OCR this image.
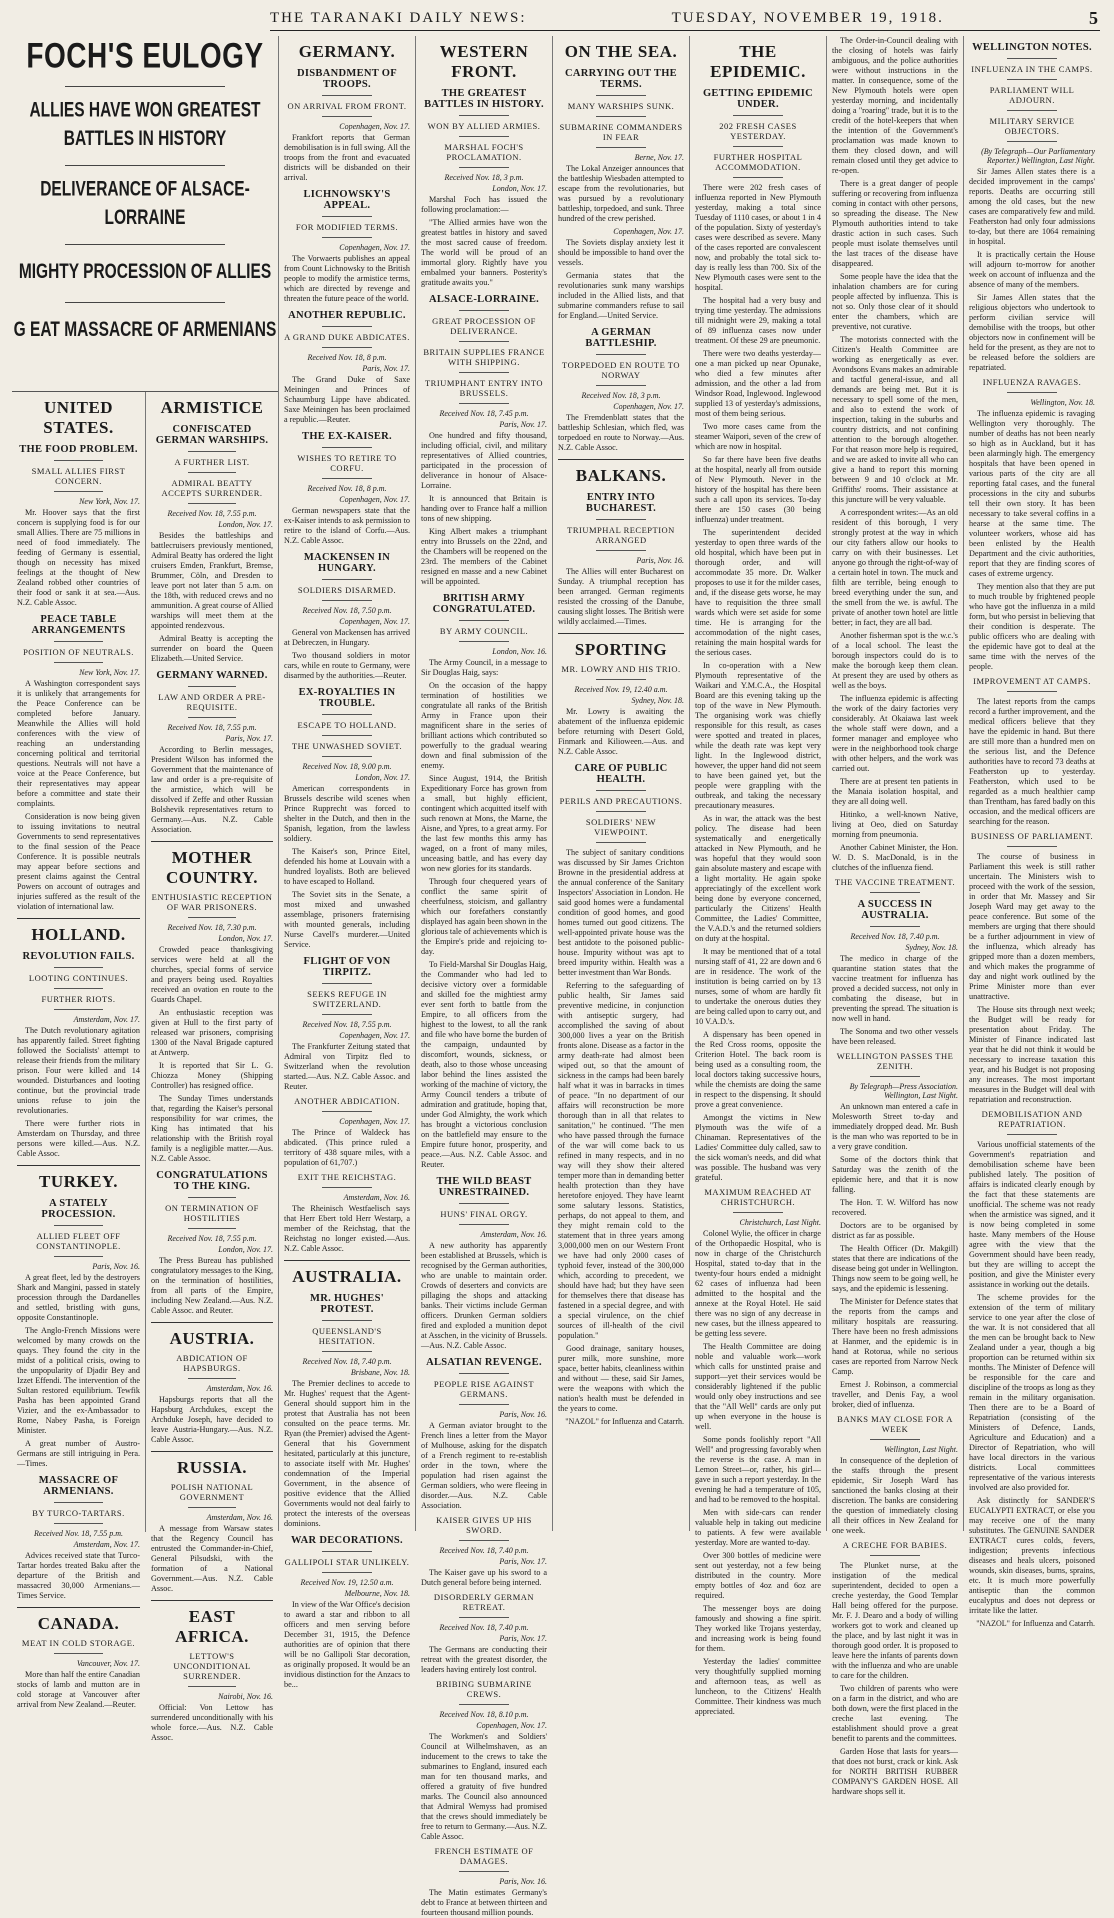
THE TARANAKI DAILY NEWS:	TUESDAY, NOVEMBER 19, 1918.	5
FOCH'S EULOGY
ALLIES HAVE WON GREATEST BATTLES IN HISTORY
DELIVERANCE OF ALSACE-LORRAINE
MIGHTY PROCESSION OF ALLIES
G EAT MASSACRE OF ARMENIANS
UNITED STATES.
THE FOOD PROBLEM.
SMALL ALLIES FIRST CONCERN.
New York, Nov. 17.

Mr. Hoover says that the first concern is supplying food is for our small Allies. There are 75 millions in need of food immediately. The feeding of Germany is essential, though on necessity has mixed feelings at the thought of New Zealand robbed other countries of their food or sank it at sea.—Aus. N.Z. Cable Assoc.

PEACE TABLE ARRANGEMENTS
POSITION OF NEUTRALS.
New York, Nov. 17.

A Washington correspondent says it is unlikely that arrangements for the Peace Conference can be completed before January. Meanwhile the Allies will hold conferences with the view of reaching an understanding concerning political and territorial questions. Neutrals will not have a voice at the Peace Conference, but their representatives may appear before a committee and state their complaints.

Consideration is now being given to issuing invitations to neutral Governments to send representatives to the final session of the Peace Conference. It is possible neutrals may appear before sections and present claims against the Central Powers on account of outrages and injuries suffered as the result of the violation of international law.

HOLLAND.
REVOLUTION FAILS.
LOOTING CONTINUES.
FURTHER RIOTS.
Amsterdam, Nov. 17.

The Dutch revolutionary agitation has apparently failed. Street fighting followed the Socialists' attempt to release their friends from the military prison. Four were killed and 14 wounded. Disturbances and looting continue, but the provincial trade unions refuse to join the revolutionaries.

There were further riots in Amsterdam on Thursday, and three persons were killed.—Aus. N.Z. Cable Assoc.

TURKEY.
A STATELY PROCESSION.
ALLIED FLEET OFF CONSTANTINOPLE.
Paris, Nov. 16.

A great fleet, led by the destroyers Shark and Mangini, passed in stately procession through the Dardanelles and settled, bristling with guns, opposite Constantinople.

The Anglo-French Missions were welcomed by many crowds on the quays. They found the city in the midst of a political crisis, owing to the unpopularity of Djadir Bey and Izzet Effendi. The intervention of the Sultan restored equilibrium. Tewfik Pasha has been appointed Grand Vizier, and the ex-Ambassador to Rome, Nabey Pasha, is Foreign Minister.

A great number of Austro-Germans are still intriguing in Pera.—Times.

MASSACRE OF ARMENIANS.
BY TURCO-TARTARS.
Received Nov. 18, 7.55 p.m.
Amsterdam, Nov. 17.

Advices received state that Turco-Tartar hordes treated Baku after the departure of the British and massacred 30,000 Armenians.—Times Service.

CANADA.
MEAT IN COLD STORAGE.
Vancouver, Nov. 17.

More than half the entire Canadian stocks of lamb and mutton are in cold storage at Vancouver after arrival from New Zealand.—Reuter.

ARMISTICE
CONFISCATED GERMAN WARSHIPS.
A FURTHER LIST.
ADMIRAL BEATTY ACCEPTS SURRENDER.
Received Nov. 18, 7.55 p.m.
London, Nov. 17.

Besides the battleships and battlecruisers previously mentioned, Admiral Beatty has ordered the light cruisers Emden, Frankfurt, Bremse, Brummer, Cöln, and Dresden to leave port not later than 5 a.m. on the 18th, with reduced crews and no ammunition. A great course of Allied warships will meet them at the appointed rendezvous.

Admiral Beatty is accepting the surrender on board the Queen Elizabeth.—United Service.

GERMANY WARNED.
LAW AND ORDER A PRE-REQUISITE.
Received Nov. 18, 7.55 p.m.
Paris, Nov. 17.

According to Berlin messages, President Wilson has informed the Government that the maintenance of law and order is a pre-requisite of the armistice, which will be dissolved if Zeffe and other Russian Bolshevik representatives return to Germany.—Aus. N.Z. Cable Association.

MOTHER COUNTRY.
ENTHUSIASTIC RECEPTION OF WAR PRISONERS.
Received Nov. 18, 7.30 p.m.
London, Nov. 17.

Crowded peace thanksgiving services were held at all the churches, special forms of service and prayers being used. Royalties received an ovation en route to the Guards Chapel.

An enthusiastic reception was given at Hull to the first party of released war prisoners, comprising 1300 of the Naval Brigade captured at Antwerp.

It is reported that Sir L. G. Chiozza Money (Shipping Controller) has resigned office.

The Sunday Times understands that, regarding the Kaiser's personal responsibility for war crimes, the King has intimated that his relationship with the British royal family is a negligible matter.—Aus. N.Z. Cable Assoc.

CONGRATULATIONS TO THE KING.
ON TERMINATION OF HOSTILITIES
Received Nov. 18, 7.55 p.m.
London, Nov. 17.

The Press Bureau has published congratulatory messages to the King, on the termination of hostilities, from all parts of the Empire, including New Zealand.—Aus. N.Z. Cable Assoc. and Reuter.

AUSTRIA.
ABDICATION OF HAPSBURGS.
Amsterdam, Nov. 16.

Hapsburgs reports that all the Hapsburg Archdukes, except the Archduke Joseph, have decided to leave Austria-Hungary.—Aus. N.Z. Cable Assoc.

RUSSIA.
POLISH NATIONAL GOVERNMENT
Amsterdam, Nov. 16.

A message from Warsaw states that the Regency Council has entrusted the Commander-in-Chief, General Pilsudski, with the formation of a National Government.—Aus. N.Z. Cable Assoc.

EAST AFRICA.
LETTOW'S UNCONDITIONAL SURRENDER.
Nairobi, Nov. 16.

Official: Von Lettow has surrendered unconditionally with his whole force.—Aus. N.Z. Cable Assoc.

GERMANY.
DISBANDMENT OF TROOPS.
ON ARRIVAL FROM FRONT.
Copenhagen, Nov. 17.

Frankfort reports that German demobilisation is in full swing. All the troops from the front and evacuated districts will be disbanded on their arrival.

LICHNOWSKY'S APPEAL.
FOR MODIFIED TERMS.
Copenhagen, Nov. 17.

The Vorwaerts publishes an appeal from Count Lichnowsky to the British people to modify the armistice terms, which are directed by revenge and threaten the future peace of the world.

ANOTHER REPUBLIC.
A GRAND DUKE ABDICATES.
Received Nov. 18, 8 p.m.
Paris, Nov. 17.

The Grand Duke of Saxe Meiningen and Princes of Schaumburg Lippe have abdicated. Saxe Meiningen has been proclaimed a republic.—Reuter.

THE EX-KAISER.
WISHES TO RETIRE TO CORFU.
Received Nov. 18, 8 p.m.
Copenhagen, Nov. 17.

German newspapers state that the ex-Kaiser intends to ask permission to retire to the island of Corfu.—Aus. N.Z. Cable Assoc.

MACKENSEN IN HUNGARY.
SOLDIERS DISARMED.
Received Nov. 18, 7.50 p.m.
Copenhagen, Nov. 17.

General von Mackensen has arrived at Debreczen, in Hungary.

Two thousand soldiers in motor cars, while en route to Germany, were disarmed by the authorities.—Reuter.

EX-ROYALTIES IN TROUBLE.
ESCAPE TO HOLLAND.
THE UNWASHED SOVIET.
Received Nov. 18, 9.00 p.m.
London, Nov. 17.

American correspondents in Brussels describe wild scenes when Prince Rupprecht was forced to shelter in the Dutch, and then in the Spanish, legation, from the lawless soldiery.

The Kaiser's son, Prince Eitel, defended his home at Louvain with a hundred loyalists. Both are believed to have escaped to Holland.

The Soviet sits in the Senate, a most mixed and unwashed assemblage, prisoners fraternising with mounted generals, including Nurse Cavell's murderer.—United Service.

FLIGHT OF VON TIRPITZ.
SEEKS REFUGE IN SWITZERLAND.
Received Nov. 18, 7.55 p.m.
Copenhagen, Nov. 17.

The Frankfurter Zeitung stated that Admiral von Tirpitz fled to Switzerland when the revolution started.—Aus. N.Z. Cable Assoc. and Reuter.

ANOTHER ABDICATION.
Copenhagen, Nov. 17.

The Prince of Waldeck has abdicated. (This prince ruled a territory of 438 square miles, with a population of 61,707.)

EXIT THE REICHSTAG.
Amsterdam, Nov. 16.

The Rheinisch Westfaelisch says that Herr Ebert told Herr Westarp, a member of the Reichstag, that the Reichstag no longer existed.—Aus. N.Z. Cable Assoc.

AUSTRALIA.
MR. HUGHES' PROTEST.
QUEENSLAND'S HESITATION.
Received Nov. 18, 7.40 p.m.
Brisbane, Nov. 18.

The Premier declines to accede to Mr. Hughes' request that the Agent-General should support him in the protest that Australia has not been consulted on the peace terms. Mr. Ryan (the Premier) advised the Agent-General that his Government hesitated, particularly at this juncture, to associate itself with Mr. Hughes' condemnation of the Imperial Government, in the absence of positive evidence that the Allied Governments would not deal fairly to protect the interests of the overseas dominions.

WAR DECORATIONS.
GALLIPOLI STAR UNLIKELY.
Received Nov. 19, 12.50 a.m.
Melbourne, Nov. 18.

In view of the War Office's decision to award a star and ribbon to all officers and men serving before December 31, 1915, the Defence authorities are of opinion that there will be no Gallipoli Star decoration, as originally proposed. It would be an invidious distinction for the Anzacs to be...

WESTERN FRONT.
THE GREATEST BATTLES IN HISTORY.
WON BY ALLIED ARMIES.
MARSHAL FOCH'S PROCLAMATION.
Received Nov. 18, 3 p.m.
London, Nov. 17.

Marshal Foch has issued the following proclamation:—

"The Allied armies have won the greatest battles in history and saved the most sacred cause of freedom. The world will be proud of an immortal glory. Rightly have you embalmed your banners. Posterity's gratitude awaits you."

ALSACE-LORRAINE.
GREAT PROCESSION OF DELIVERANCE.
BRITAIN SUPPLIES FRANCE WITH SHIPPING.
TRIUMPHANT ENTRY INTO BRUSSELS.
Received Nov. 18, 7.45 p.m.
Paris, Nov. 17.

One hundred and fifty thousand, including official, civil, and military representatives of Allied countries, participated in the procession of deliverance in honour of Alsace-Lorraine.

It is announced that Britain is handing over to France half a million tons of new shipping.

King Albert makes a triumphant entry into Brussels on the 22nd, and the Chambers will be reopened on the 23rd. The members of the Cabinet resigned en masse and a new Cabinet will be appointed.

BRITISH ARMY CONGRATULATED.
BY ARMY COUNCIL.
London, Nov. 16.

The Army Council, in a message to Sir Douglas Haig, says:

On the occasion of the happy termination of hostilities we congratulate all ranks of the British Army in France upon their magnificent share in the series of brilliant actions which contributed so powerfully to the gradual wearing down and final submission of the enemy.

Since August, 1914, the British Expeditionary Force has grown from a small, but highly efficient, contingent which acquitted itself with such renown at Mons, the Marne, the Aisne, and Ypres, to a great army. For the last few months this army has waged, on a front of many miles, unceasing battle, and has every day won new glories for its standards.

Through four chequered years of conflict the same spirit of cheerfulness, stoicism, and gallantry which our forefathers constantly displayed has again been shown in the glorious tale of achievements which is the Empire's pride and rejoicing to-day.

To Field-Marshal Sir Douglas Haig, the Commander who had led to decisive victory over a formidable and skilled foe the mightiest army ever sent forth to battle from the Empire, to all officers from the highest to the lowest, to all the rank and file who have borne the burden of the campaign, undaunted by discomfort, wounds, sickness, or death, also to those whose unceasing labor behind the lines assisted the working of the machine of victory, the Army Council tenders a tribute of admiration and gratitude, hoping that, under God Almighty, the work which has brought a victorious conclusion on the battlefield may ensure to the Empire future honor, prosperity, and peace.—Aus. N.Z. Cable Assoc. and Reuter.

THE WILD BEAST UNRESTRAINED.
HUNS' FINAL ORGY.
Amsterdam, Nov. 16.

A new authority has apparently been established at Brussels, which is recognised by the German authorities, who are unable to maintain order. Crowds of deserters and convicts are pillaging the shops and attacking banks. Their victims include German officers. Drunken German soldiers fired and exploded a munition depot at Asschen, in the vicinity of Brussels.—Aus. N.Z. Cable Assoc.

ALSATIAN REVENGE.
PEOPLE RISE AGAINST GERMANS.
Paris, Nov. 16.

A German aviator brought to the French lines a letter from the Mayor of Mulhouse, asking for the dispatch of a French regiment to re-establish order in the town, where the population had risen against the German soldiers, who were fleeing in disorder.—Aus. N.Z. Cable Association.

KAISER GIVES UP HIS SWORD.
Received Nov. 18, 7.40 p.m.
Paris, Nov. 17.

The Kaiser gave up his sword to a Dutch general before being interned.

DISORDERLY GERMAN RETREAT.
Received Nov. 18, 7.40 p.m.
Paris, Nov. 17.

The Germans are conducting their retreat with the greatest disorder, the leaders having entirely lost control.

BRIBING SUBMARINE CREWS.
Received Nov. 18, 8.10 p.m.
Copenhagen, Nov. 17.

The Workmen's and Soldiers' Council at Wilhelmshaven, as an inducement to the crews to take the submarines to England, insured each man for ten thousand marks, and offered a gratuity of five hundred marks. The Council also announced that Admiral Wemyss had promised that the crews should immediately be free to return to Germany.—Aus. N.Z. Cable Assoc.

FRENCH ESTIMATE OF DAMAGES.
Paris, Nov. 16.

The Matin estimates Germany's debt to France at between thirteen and fourteen thousand million pounds.

ON THE SEA.
CARRYING OUT THE TERMS.
MANY WARSHIPS SUNK.
SUBMARINE COMMANDERS IN FEAR
Berne, Nov. 17.

The Lokal Anzeiger announces that the battleship Wiesbaden attempted to escape from the revolutionaries, but was pursued by a revolutionary battleship, torpedoed, and sunk. Three hundred of the crew perished.

Copenhagen, Nov. 17.

The Soviets display anxiety lest it should be impossible to hand over the vessels.

Germania states that the revolutionaries sunk many warships included in the Allied lists, and that submarine commanders refuse to sail for England.—United Service.

A GERMAN BATTLESHIP.
TORPEDOED EN ROUTE TO NORWAY
Received Nov. 18, 3 p.m.
Copenhagen, Nov. 17.

The Fremdenblatt states that the battleship Schlesian, which fled, was torpedoed en route to Norway.—Aus. N.Z. Cable Assoc.

BALKANS.
ENTRY INTO BUCHAREST.
TRIUMPHAL RECEPTION ARRANGED
Paris, Nov. 16.

The Allies will enter Bucharest on Sunday. A triumphal reception has been arranged. German regiments resisted the crossing of the Danube, causing slight losses. The British were wildly acclaimed.—Times.

SPORTING
MR. LOWRY AND HIS TRIO.
Received Nov. 19, 12.40 a.m.
Sydney, Nov. 18.

Mr. Lowry is awaiting the abatement of the influenza epidemic before returning with Desert Gold, Finmark and Kilioween.—Aus. and N.Z. Cable Assoc.

CARE OF PUBLIC HEALTH.
PERILS AND PRECAUTIONS.
SOLDIERS' NEW VIEWPOINT.

The subject of sanitary conditions was discussed by Sir James Crichton Browne in the presidential address at the annual conference of the Sanitary Inspectors' Association in London. He said good homes were a fundamental condition of good homes, and good homes turned out good citizens. The well-appointed private house was the best antidote to the poisoned public-house. Impurity without was apt to breed impurity within. Health was a better investment than War Bonds.

Referring to the safeguarding of public health, Sir James said preventive medicine, in conjunction with antiseptic surgery, had accomplished the saving of about 300,000 lives a year on the British fronts alone. Disease as a factor in the army death-rate had almost been wiped out, so that the amount of sickness in the camps had been barely half what it was in barracks in times of peace. "In no department of our affairs will reconstruction be more thorough than in all that relates to sanitation," he continued. "The men who have passed through the furnace of the war will come back to us refined in many respects, and in no way will they show their altered temper more than in demanding better health protection than they have heretofore enjoyed. They have learnt some salutary lessons. Statistics, perhaps, do not appeal to them, and they might remain cold to the statement that in three years among 3,000,000 men on our Western Front we have had only 2000 cases of typhoid fever, instead of the 300,000 which, according to precedent, we should have had; but they have seen for themselves there that disease has fastened in a special degree, and with a special virulence, on the chief sources of ill-health of the civil population."

Good drainage, sanitary houses, purer milk, more sunshine, more space, better habits, cleanliness within and without — these, said Sir James, were the weapons with which the nation's health must be defended in the years to come.

"NAZOL" for Influenza and Catarrh.
THE EPIDEMIC.
GETTING EPIDEMIC UNDER.
202 FRESH CASES YESTERDAY.
FURTHER HOSPITAL ACCOMMODATION.

There were 202 fresh cases of influenza reported in New Plymouth yesterday, making a total since Tuesday of 1110 cases, or about 1 in 4 of the population. Sixty of yesterday's cases were described as severe. Many of the cases reported are convalescent now, and probably the total sick to-day is really less than 700. Six of the New Plymouth cases were sent to the hospital.

The hospital had a very busy and trying time yesterday. The admissions till midnight were 29, making a total of 89 influenza cases now under treatment. Of these 29 are pneumonic.

There were two deaths yesterday—one a man picked up near Opunake, who died a few minutes after admission, and the other a lad from Windsor Road, Inglewood. Inglewood supplied 13 of yesterday's admissions, most of them being serious.

Two more cases came from the steamer Waipori, seven of the crew of which are now in hospital.

So far there have been five deaths at the hospital, nearly all from outside of New Plymouth. Never in the history of the hospital has there been such a call upon its services. To-day there are 150 cases (30 being influenza) under treatment.

The superintendent decided yesterday to open three wards of the old hospital, which have been put in thorough order, and will accommodate 35 more. Dr. Walker proposes to use it for the milder cases, and, if the disease gets worse, he may have to requisition the three small wards which were set aside for some time. He is arranging for the accommodation of the night cases, retaining the main hospital wards for the serious cases.

In co-operation with a New Plymouth representative of the Waikari and Y.M.C.A., the Hospital Board are this evening taking up the top of the wave in New Plymouth. The organising work was chiefly responsible for this result, as cases were spotted and treated in places, while the death rate was kept very light. In the Inglewood district, however, the upper hand did not seem to have been gained yet, but the people were grappling with the outbreak, and taking the necessary precautionary measures.

As in war, the attack was the best policy. The disease had been systematically and energetically attacked in New Plymouth, and he was hopeful that they would soon gain absolute mastery and escape with a light mortality. He again spoke appreciatingly of the excellent work being done by everyone concerned, particularly the Citizens' Health Committee, the Ladies' Committee, the V.A.D.'s and the returned soldiers on duty at the hospital.

It may be mentioned that of a total nursing staff of 41, 22 are down and 6 are in residence. The work of the institution is being carried on by 13 nurses, some of whom are hardly fit to undertake the onerous duties they are being called upon to carry out, and 10 V.A.D.'s.

A dispensary has been opened in the Red Cross rooms, opposite the Criterion Hotel. The back room is being used as a consulting room, the local doctors taking successive hours, while the chemists are doing the same in respect to the dispensing. It should prove a great convenience.

Amongst the victims in New Plymouth was the wife of a Chinaman. Representatives of the Ladies' Committee duly called, saw to the sick woman's needs, and did what was possible. The husband was very grateful.

MAXIMUM REACHED AT CHRISTCHURCH.
Christchurch, Last Night.

Colonel Wylie, the officer in charge of the Orthopaedic Hospital, who is now in charge of the Christchurch Hospital, stated to-day that in the twenty-four hours ended a midnight 62 cases of influenza had been admitted to the hospital and the annexe at the Royal Hotel. He said there was no sign of any decrease in new cases, but the illness appeared to be getting less severe.

The Health Committee are doing noble and valuable work—work which calls for unstinted praise and support—yet their services would be considerably lightened if the public would only obey instructions and see that the "All Well" cards are only put up when everyone in the house is well.

Some ponds foolishly report "All Well" and progressing favorably when the reverse is the case. A man in Lemon Street—or, rather, his girl—gave in such a report yesterday. In the evening he had a temperature of 105, and had to be removed to the hospital.

Men with side-cars can render valuable help in taking out medicine to patients. A few were available yesterday. More are wanted to-day.

Over 300 bottles of medicine were sent out yesterday, not a few being distributed in the country. More empty bottles of 4oz and 6oz are required.

The messenger boys are doing famously and showing a fine spirit. They worked like Trojans yesterday, and increasing work is being found for them.

Yesterday the ladies' committee very thoughtfully supplied morning and afternoon teas, as well as luncheon, to the Citizens' Health Committee. Their kindness was much appreciated.

The Order-in-Council dealing with the closing of hotels was fairly ambiguous, and the police authorities were without instructions in the matter. In consequence, some of the New Plymouth hotels were open yesterday morning, and incidentally doing a "roaring" trade, but it is to the credit of the hotel-keepers that when the intention of the Government's proclamation was made known to them they closed down, and will remain closed until they get advice to re-open.

There is a great danger of people suffering or recovering from influenza coming in contact with other persons, so spreading the disease. The New Plymouth authorities intend to take drastic action in such cases. Such people must isolate themselves until the last traces of the disease have disappeared.

Some people have the idea that the inhalation chambers are for curing people affected by influenza. This is not so. Only those clear of it should enter the chambers, which are preventive, not curative.

The motorists connected with the Citizen's Health Committee are working as energetically as ever. Avondsons Evans makes an admirable and tactful general-issue, and all demands are being met. But it is necessary to spell some of the men, and also to extend the work of inspection, taking in the suburbs and country districts, and not confining attention to the borough altogether. For that reason more help is required, and we are asked to invite all who can give a hand to report this morning between 9 and 10 o'clock at Mr. Griffiths' rooms. Their assistance at this juncture will be very valuable.

A correspondent writes:—As an old resident of this borough, I very strongly protest at the way in which our city fathers allow our hooks to carry on with their businesses. Let anyone go through the right-of-way of a certain hotel in town. The muck and filth are terrible, being enough to breed everything under the sun, and the smell from the we. is awful. The private of another town hotel are little better; in fact, they are all bad.

Another fisherman spot is the w.c.'s of a local school. The least the borough inspectors could do is to make the borough keep them clean. At present they are used by others as well as the boys.

The influenza epidemic is affecting the work of the dairy factories very considerably. At Okaiawa last week the whole staff were down, and a former manager and employee who were in the neighborhood took charge with other helpers, and the work was carried out.

There are at present ten patients in the Manaia isolation hospital, and they are all doing well.

Hitinko, a well-known Native, living at Oeo, died on Saturday morning from pneumonia.

Another Cabinet Minister, the Hon. W. D. S. MacDonald, is in the clutches of the influenza fiend.

THE VACCINE TREATMENT.
A SUCCESS IN AUSTRALIA.
Received Nov. 18, 7.40 p.m.
Sydney, Nov. 18.

The medico in charge of the quarantine station states that the vaccine treatment for influenza has proved a decided success, not only in combating the disease, but in preventing the spread. The situation is now well in hand.

The Sonoma and two other vessels have been released.

WELLINGTON PASSES THE ZENITH.
By Telegraph—Press Association. Wellington, Last Night.

An unknown man entered a cafe in Molesworth Street to-day and immediately dropped dead. Mr. Bush is the man who was reported to be in a very grave condition.

Some of the doctors think that Saturday was the zenith of the epidemic here, and that it is now falling.

The Hon. T. W. Wilford has now recovered.

Doctors are to be organised by district as far as possible.

The Health Officer (Dr. Makgill) states that there are indications of the disease being got under in Wellington. Things now seem to be going well, he says, and the epidemic is lessening.

The Minister for Defence states that the reports from the camps and military hospitals are reassuring. There have been no fresh admissions at Hanmer, and the epidemic is in hand at Rotorua, while no serious cases are reported from Narrow Neck Camp.

Ernest J. Robinson, a commercial traveller, and Denis Fay, a wool broker, died of influenza.

BANKS MAY CLOSE FOR A WEEK
Wellington, Last Night.

In consequence of the depletion of the staffs through the present epidemic, Sir Joseph Ward has sanctioned the banks closing at their discretion. The banks are considering the question of immediately closing all their offices in New Zealand for one week.

A CRECHE FOR BABIES.

The Plunket nurse, at the instigation of the medical superintendent, decided to open a creche yesterday, the Good Templar Hall being offered for the purpose. Mr. F. J. Dearo and a body of willing workers got to work and cleaned up the place, and by last night it was in thorough good order. It is proposed to leave here the infants of parents down with the influenza and who are unable to care for the children.

Two children of parents who were on a farm in the district, and who are both down, were the first placed in the creche last evening. The establishment should prove a great benefit to parents and the committees.

Garden Hose that lasts for years—that does not burst, crack or kink. Ask for NORTH BRITISH RUBBER COMPANY'S GARDEN HOSE. All hardware shops sell it.

WELLINGTON NOTES.
INFLUENZA IN THE CAMPS.
PARLIAMENT WILL ADJOURN.
MILITARY SERVICE OBJECTORS.
(By Telegraph—Our Parliamentary Reporter.) Wellington, Last Night.

Sir James Allen states there is a decided improvement in the camps' reports. Deaths are occurring still among the old cases, but the new cases are comparatively few and mild. Featherston had only four admissions to-day, but there are 1064 remaining in hospital.

It is practically certain the House will adjourn to-morrow for another week on account of influenza and the absence of many of the members.

Sir James Allen states that the religious objectors who undertook to perform civilian service will demobilise with the troops, but other objectors now in confinement will be held for the present, as they are not to be released before the soldiers are repatriated.

INFLUENZA RAVAGES.
Wellington, Nov. 18.

The influenza epidemic is ravaging Wellington very thoroughly. The number of deaths has not been nearly so high as in Auckland, but it has been alarmingly high. The emergency hospitals that have been opened in various parts of the city are all reporting fatal cases, and the funeral processions in the city and suburbs tell their own story. It has been necessary to take several coffins in a hearse at the same time. The volunteer workers, whose aid has been enlisted by the Health Department and the civic authorities, report that they are finding scores of cases of extreme urgency.

They mention also that they are put to much trouble by frightened people who have got the influenza in a mild form, but who persist in believing that their condition is desperate. The public officers who are dealing with the epidemic have got to deal at the same time with the nerves of the people.

IMPROVEMENT AT CAMPS.

The latest reports from the camps record a further improvement, and the medical officers believe that they have the epidemic in hand. But there are still more than a hundred men on the serious list, and the Defence authorities have to record 73 deaths at Featherston up to yesterday. Featherston, which used to be regarded as a much healthier camp than Trentham, has fared badly on this occasion, and the medical officers are searching for the reason.

BUSINESS OF PARLIAMENT.

The course of business in Parliament this week is still rather uncertain. The Ministers wish to proceed with the work of the session, in order that Mr. Massey and Sir Joseph Ward may get away to the peace conference. But some of the members are urging that there should be a further adjournment in view of the influenza, which already has gripped more than a dozen members, and which makes the programme of day and night work outlined by the Prime Minister more than ever unattractive.

The House sits through next week; the Budget will be ready for presentation about Friday. The Minister of Finance indicated last year that he did not think it would be necessary to increase taxation this year, and his Budget is not proposing any increases. The most important measures in the Budget will deal with repatriation and reconstruction.

DEMOBILISATION AND REPATRIATION.

Various unofficial statements of the Government's repatriation and demobilisation scheme have been published lately. The position of affairs is indicated clearly enough by the fact that these statements are unofficial. The scheme was not ready when the armistice was signed, and it is now being completed in some haste. Many members of the House agree with the view that the Government should have been ready, but they are willing to accept the position, and give the Minister every assistance in working out the details.

The scheme provides for the extension of the term of military service to one year after the close of the war. It is not considered that all the men can be brought back to New Zealand under a year, though a big proportion can be returned within six months. The Minister of Defence will be responsible for the care and discipline of the troops as long as they remain in the military organisation. Then there are to be a Board of Repatriation (consisting of the Ministers of Defence, Lands, Agriculture and Education) and a Director of Repatriation, who will have local directors in the various districts. Local committees representative of the various interests involved are also provided for.

Ask distinctly for SANDER'S EUCALYPTI EXTRACT, or else you may receive one of the many substitutes. The GENUINE SANDER EXTRACT cures colds, fevers, indigestion; prevents infectious diseases and heals ulcers, poisoned wounds, skin diseases, burns, sprains, etc. It is much more powerfully antiseptic than the common eucalyptus and does not depress or irritate like the latter.

"NAZOL" for Influenza and Catarrh.
